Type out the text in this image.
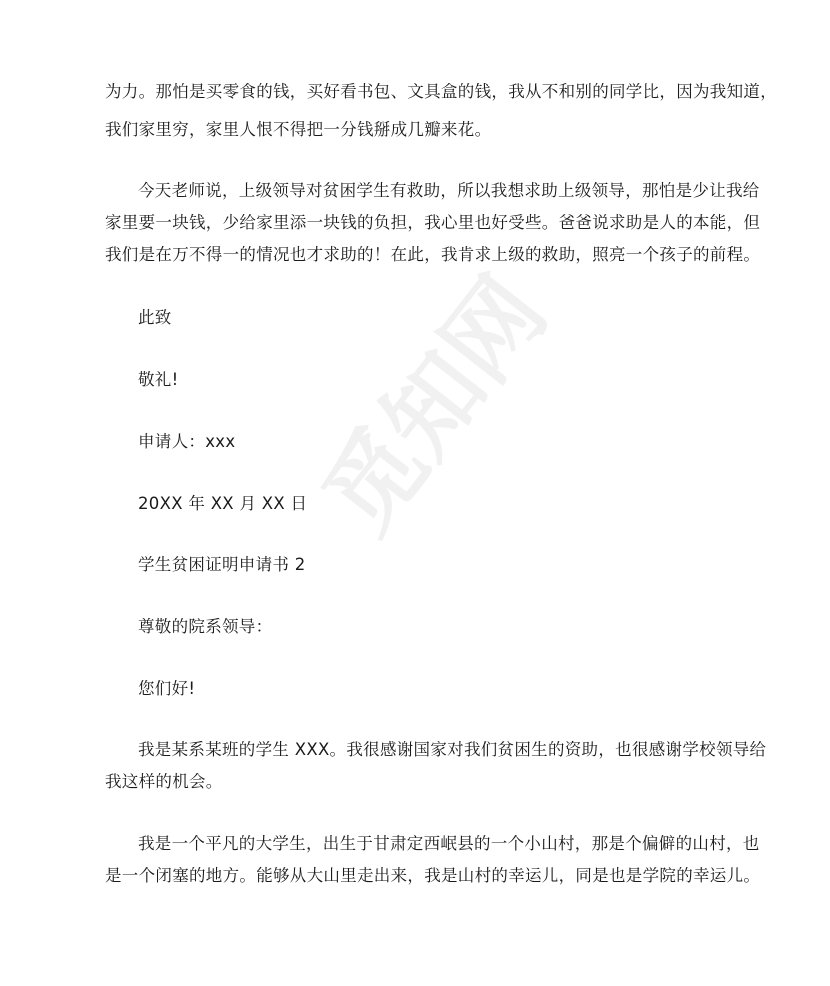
觅知网

为力。那怕是买零食的钱，买好看书包、文具盒的钱，我从不和别的同学比，因为我知道，

我们家里穷，家里人恨不得把一分钱掰成几瓣来花。

今天老师说，上级领导对贫困学生有救助，所以我想求助上级领导，那怕是少让我给

家里要一块钱，少给家里添一块钱的负担，我心里也好受些。爸爸说求助是人的本能，但

我们是在万不得一的情况也才求助的！在此，我肯求上级的救助，照亮一个孩子的前程。

此致

敬礼!

申请人：xxx

20XX 年 XX 月 XX 日

学生贫困证明申请书 2

尊敬的院系领导：

您们好!

我是某系某班的学生 XXX。我很感谢国家对我们贫困生的资助，也很感谢学校领导给

我这样的机会。

我是一个平凡的大学生，出生于甘肃定西岷县的一个小山村，那是个偏僻的山村，也

是一个闭塞的地方。能够从大山里走出来，我是山村的幸运儿，同是也是学院的幸运儿。
